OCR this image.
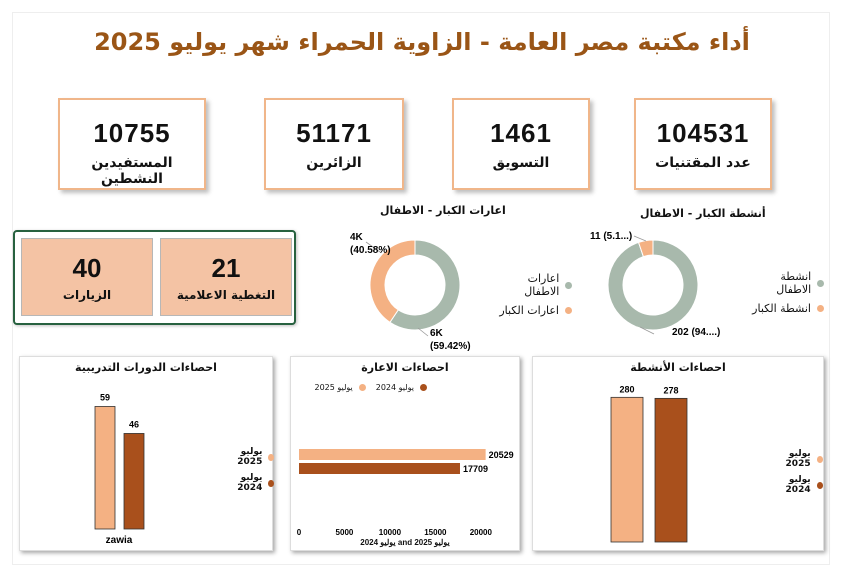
أداء مكتبة مصر العامة - الزاوية الحمراء شهر يوليو 2025
10755
المستفيدين النشطين
51171
الزائرين
1461
التسويق
104531
عدد المقتنيات
40
الزيارات
21
التغطية الاعلامية
اعارات الكبار - الاطفال
6K
(59.42%)
4K
(40.58%)
اعارات الاطفال
اعارات الكبار
أنشطة الكبار - الاطفال
202 (94....)
11 (5.1...)
انشطة الاطفال
انشطة الكبار
احصاءات الدورات التدريبية
59
46
zawia
يوليو 2025
يوليو 2024
احصاءات الاعارة
يوليو 2024
يوليو 2025
20529
17709
0	5000	10000	15000	20000
يوليو 2024 and يوليو 2025
احصاءات الأنشطة
280	278
يوليو 2025
يوليو 2024
